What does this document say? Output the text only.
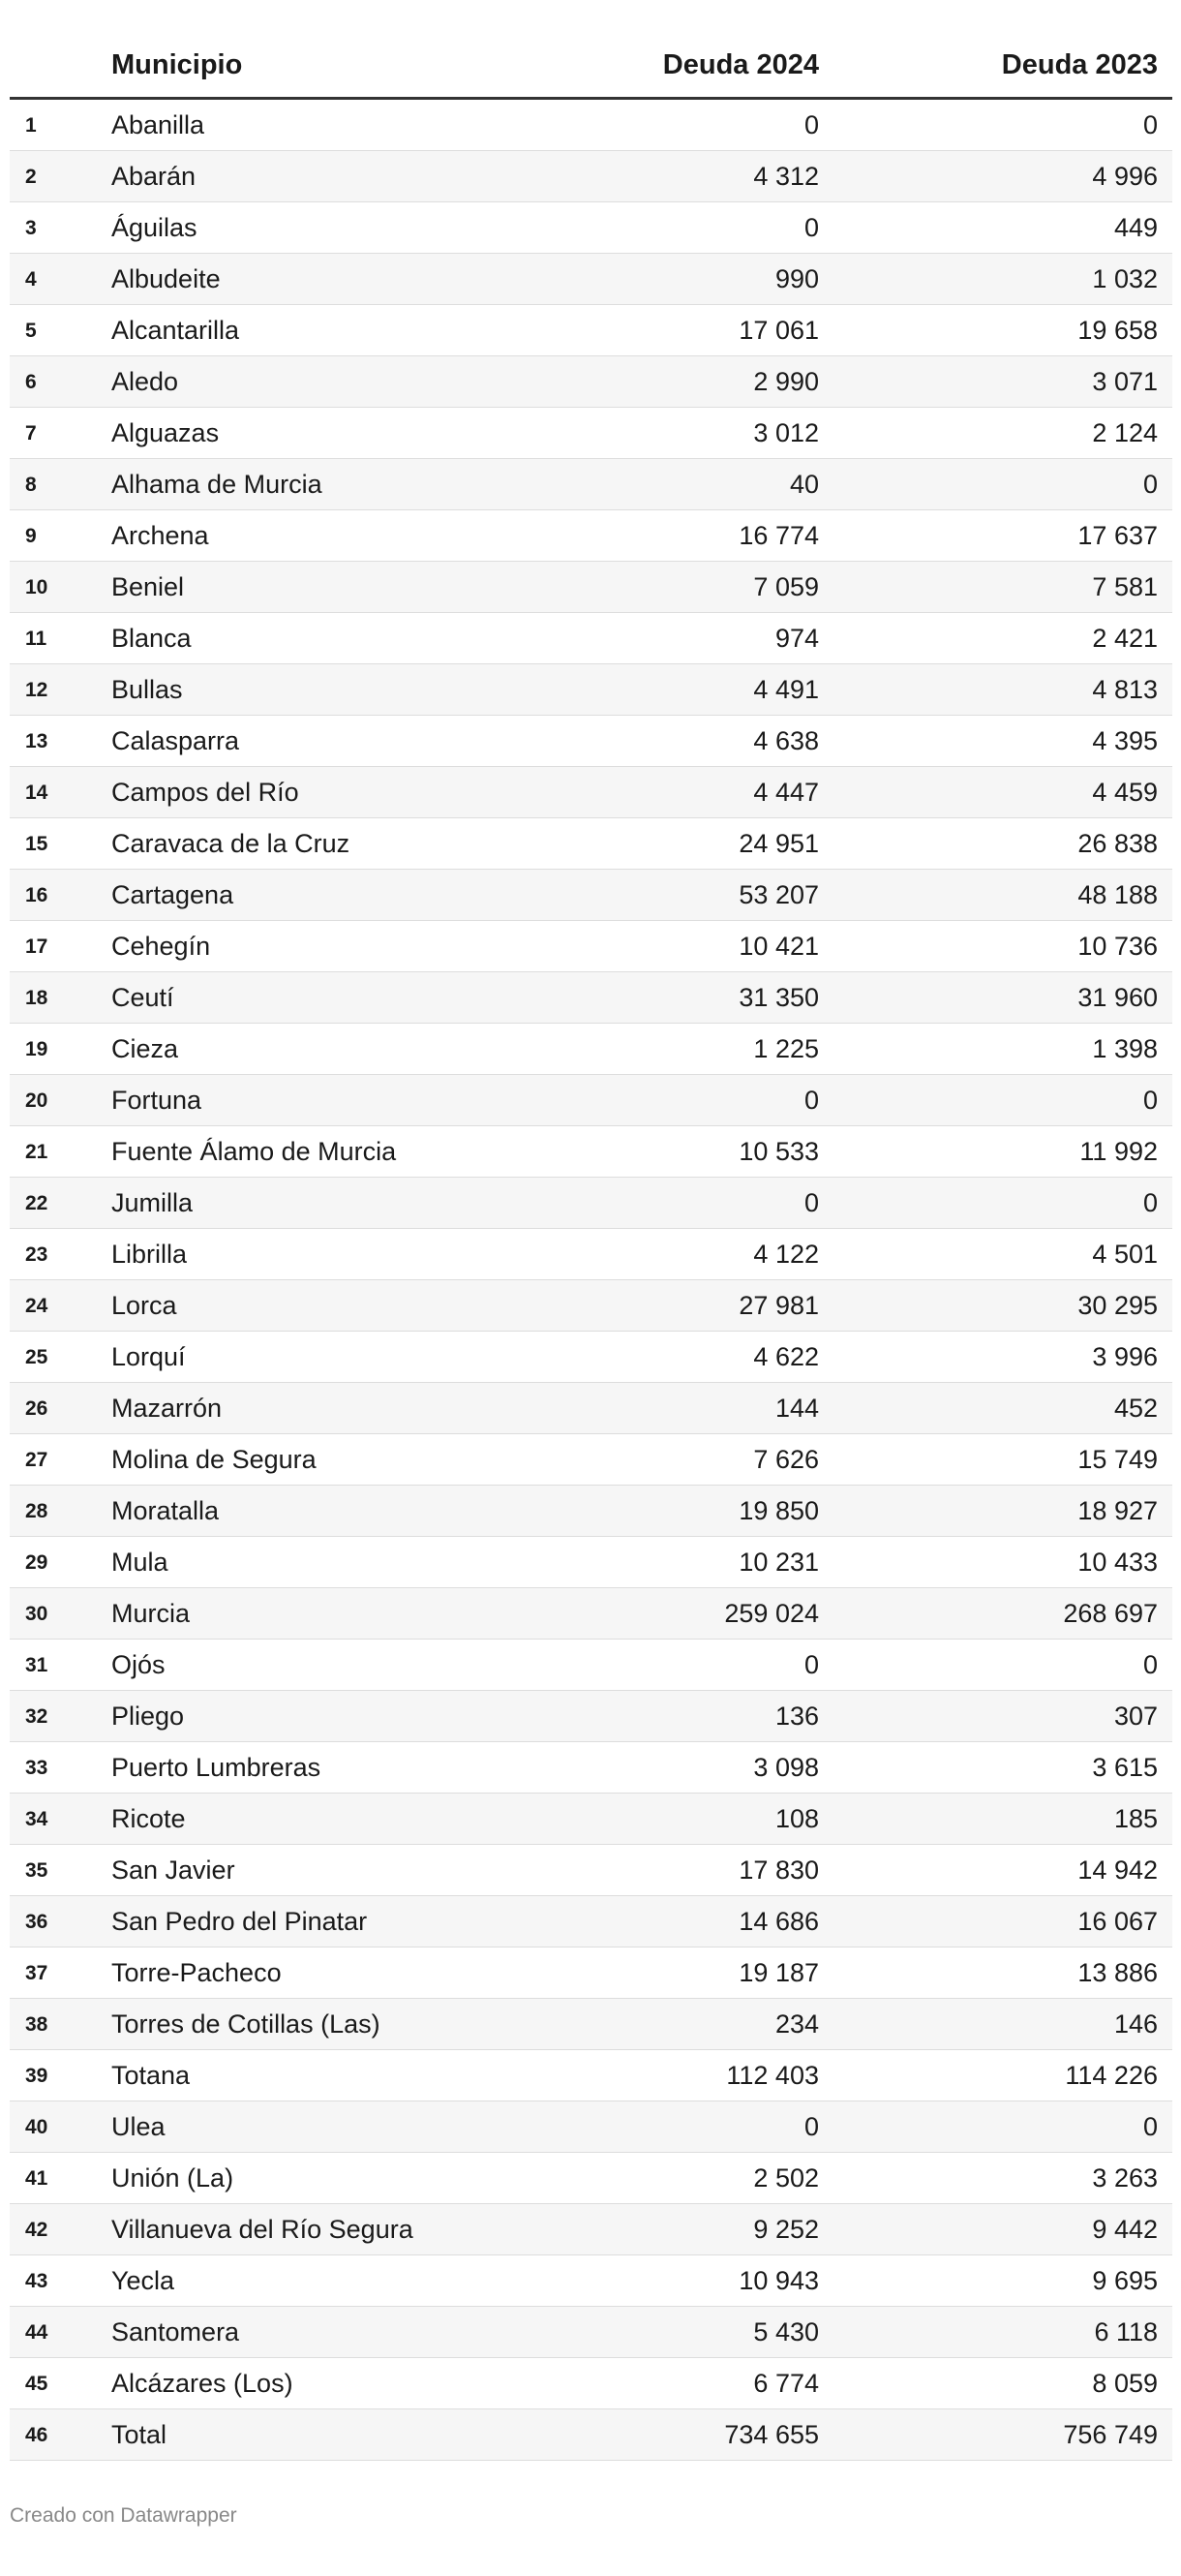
Municipio	Deuda 2024	Deuda 2023
1	Abanilla	0	0
2	Abarán	4 312	4 996
3	Águilas	0	449
4	Albudeite	990	1 032
5	Alcantarilla	17 061	19 658
6	Aledo	2 990	3 071
7	Alguazas	3 012	2 124
8	Alhama de Murcia	40	0
9	Archena	16 774	17 637
10 Beniel	7 059	7 581
11 Blanca	974	2 421
12 Bullas	4 491	4 813
13 Calasparra	4 638	4 395
14 Campos del Río	4 447	4 459
15 Caravaca de la Cruz	24 951	26 838
16 Cartagena	53 207	48 188
17 Cehegín	10 421	10 736
18 Ceutí	31 350	31 960
19 Cieza	1 225	1 398
20 Fortuna	0	0
21 Fuente Álamo de Murcia	10 533	11 992
22 Jumilla	0	0
23 Librilla	4 122	4 501
24 Lorca	27 981	30 295
25 Lorquí	4 622	3 996
26 Mazarrón	144	452
27 Molina de Segura	7 626	15 749
28 Moratalla	19 850	18 927
29 Mula	10 231	10 433
30 Murcia	259 024	268 697
31 Ojós	0	0
32 Pliego	136	307
33 Puerto Lumbreras	3 098	3 615
34 Ricote	108	185
35 San Javier	17 830	14 942
36 San Pedro del Pinatar	14 686	16 067
37 Torre-Pacheco	19 187	13 886
38 Torres de Cotillas (Las)	234	146
39 Totana	112 403	114 226
40 Ulea	0	0
41 Unión (La)	2 502	3 263
42 Villanueva del Río Segura	9 252	9 442
43 Yecla	10 943	9 695
44 Santomera	5 430	6 118
45 Alcázares (Los)	6 774	8 059
46 Total	734 655	756 749
Creado con Datawrapper
